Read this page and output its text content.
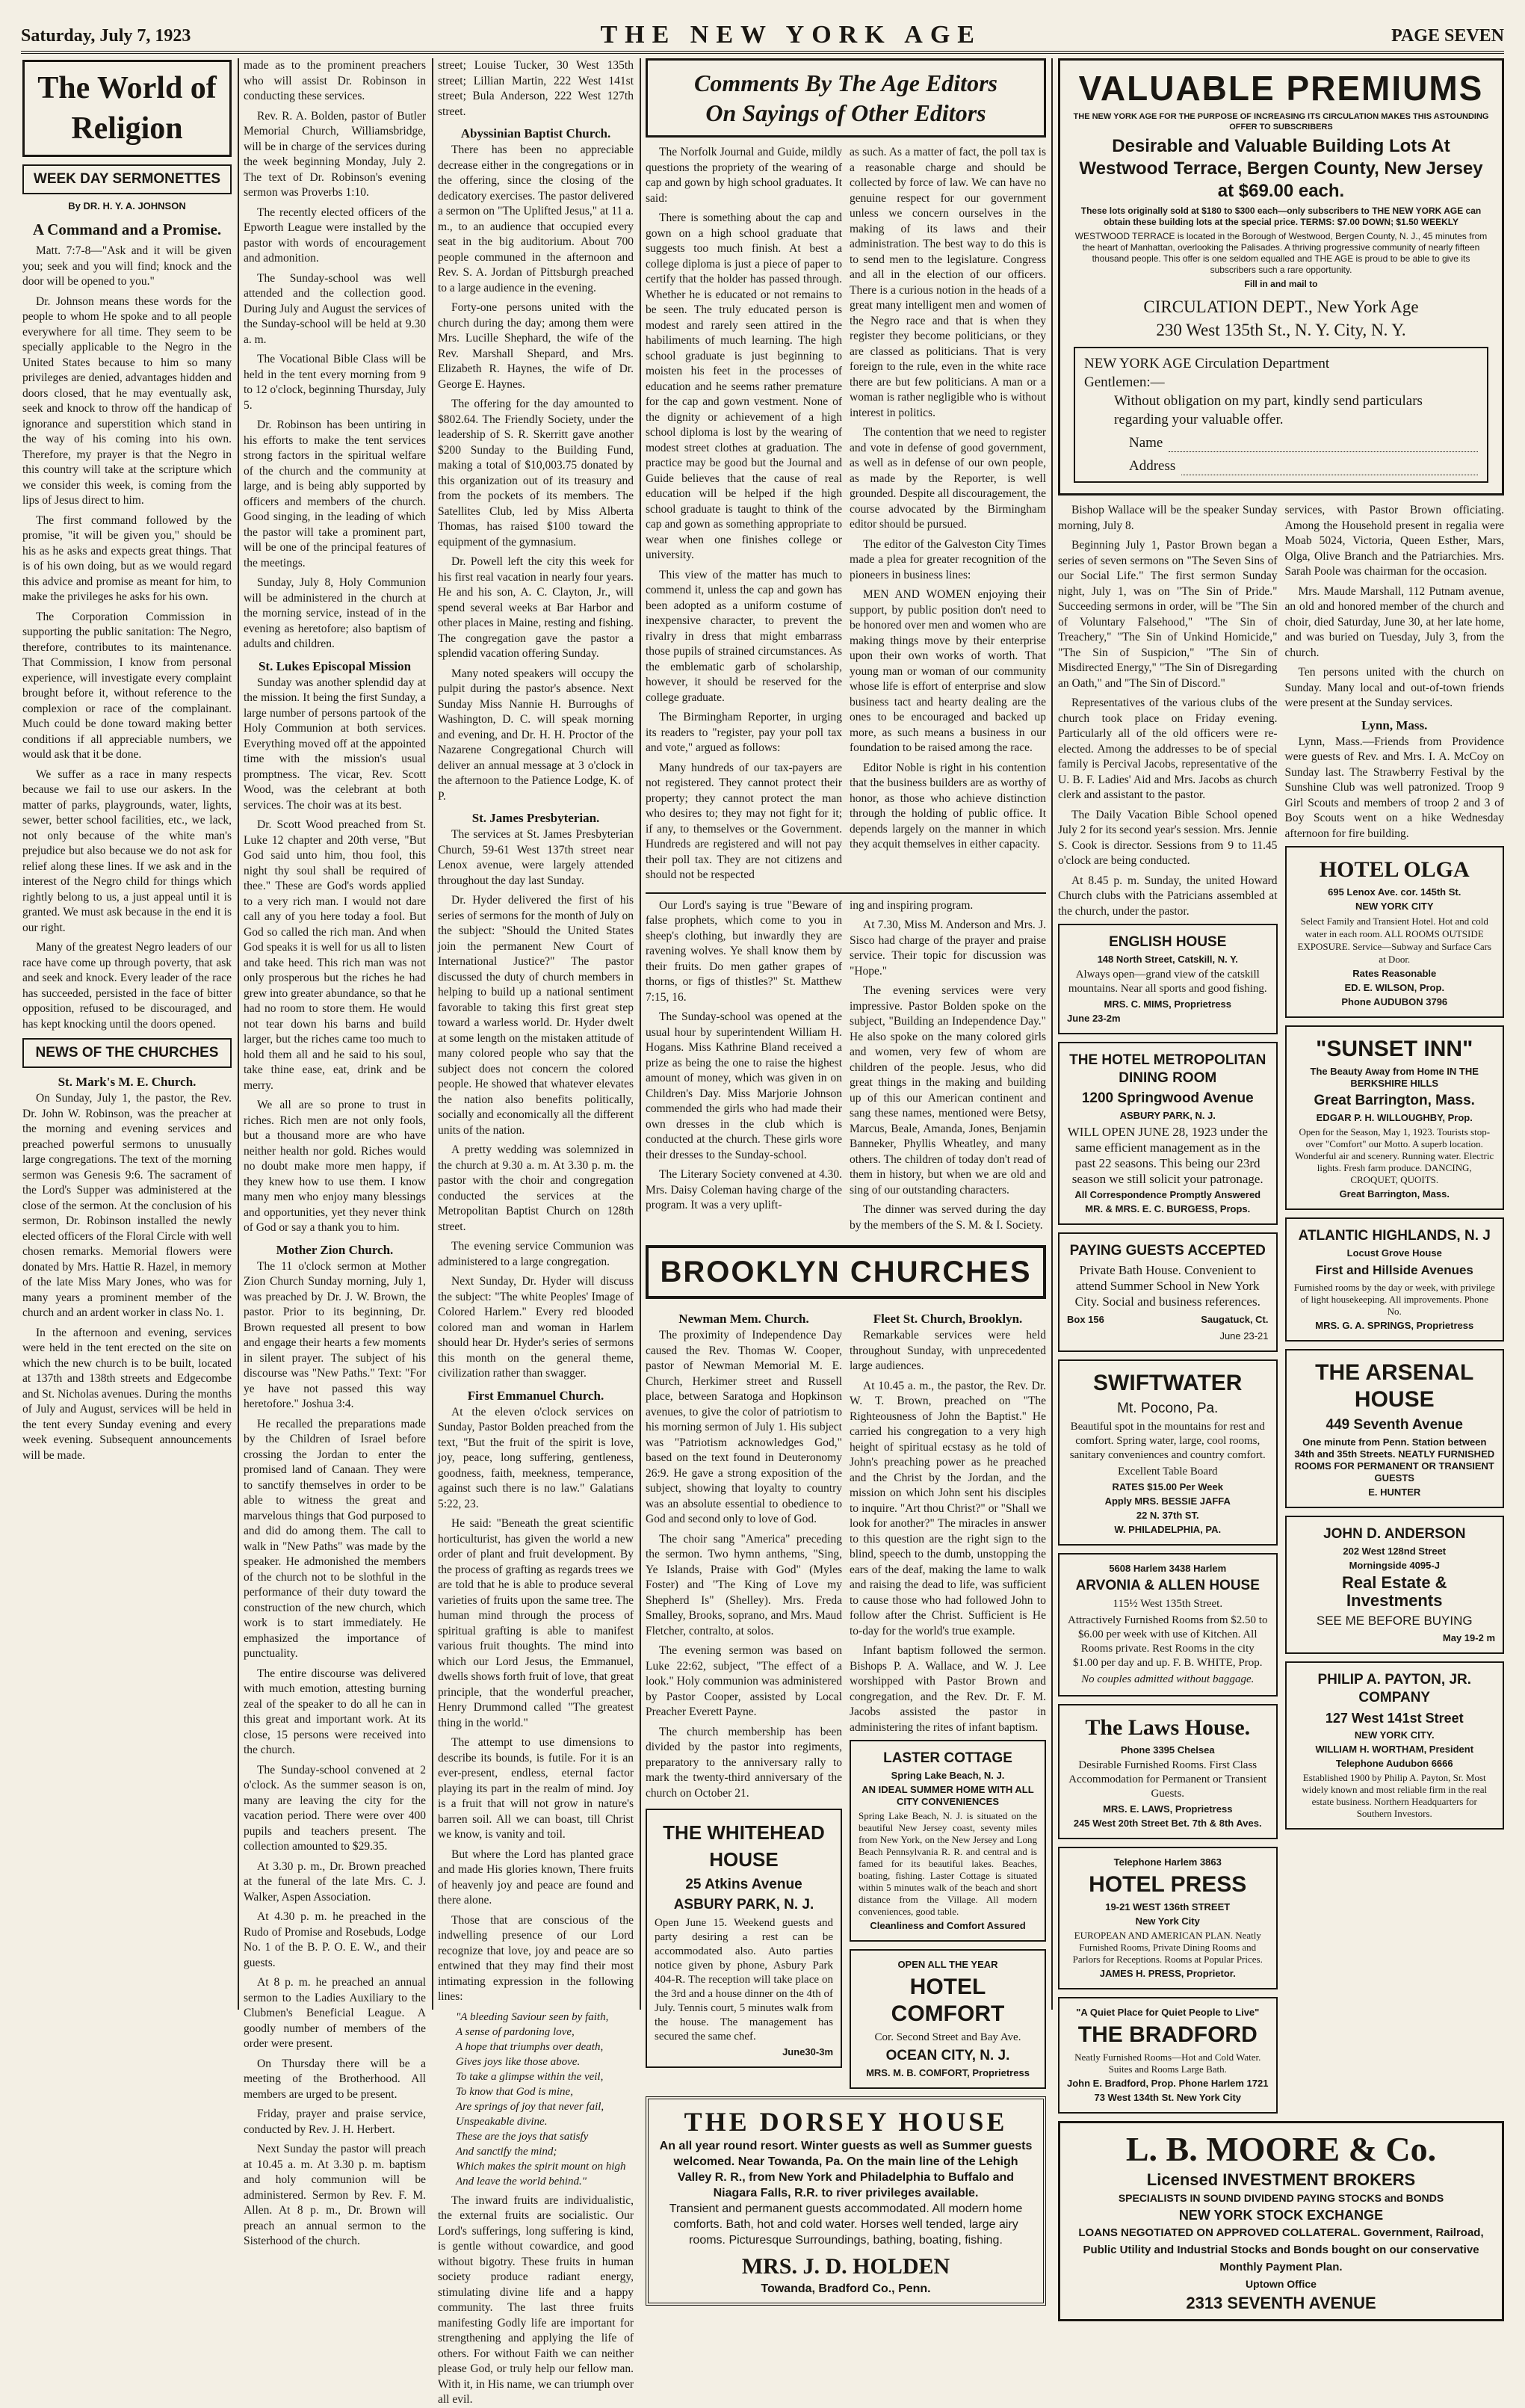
Saturday, July 7, 1923	THE NEW YORK AGE	PAGE SEVEN
The World of Religion
WEEK DAY SERMONETTES
By DR. H. Y. A. JOHNSON
A Command and a Promise.

Matt. 7:7-8—"Ask and it will be given you; seek and you will find; knock and the door will be opened to you."

Dr. Johnson means these words for the people to whom He spoke and to all people everywhere for all time. They seem to be specially applicable to the Negro in the United States because to him so many privileges are denied, advantages hidden and doors closed, that he may eventually ask, seek and knock to throw off the handicap of ignorance and superstition which stand in the way of his coming into his own. Therefore, my prayer is that the Negro in this country will take at the scripture which we consider this week, is coming from the lips of Jesus direct to him.

The first command followed by the promise, "it will be given you," should be his as he asks and expects great things. That is of his own doing, but as we would regard this advice and promise as meant for him, to make the privileges he asks for his own.

The Corporation Commission in supporting the public sanitation: The Negro, therefore, contributes to its maintenance. That Commission, I know from personal experience, will investigate every complaint brought before it, without reference to the complexion or race of the complainant. Much could be done toward making better conditions if all appreciable numbers, we would ask that it be done.

We suffer as a race in many respects because we fail to use our askers. In the matter of parks, playgrounds, water, lights, sewer, better school facilities, etc., we lack, not only because of the white man's prejudice but also because we do not ask for relief along these lines. If we ask and in the interest of the Negro child for things which rightly belong to us, a just appeal until it is granted. We must ask because in the end it is our right.

Many of the greatest Negro leaders of our race have come up through poverty, that ask and seek and knock. Every leader of the race has succeeded, persisted in the face of bitter opposition, refused to be discouraged, and has kept knocking until the doors opened.

NEWS OF THE CHURCHES
St. Mark's M. E. Church.

On Sunday, July 1, the pastor, the Rev. Dr. John W. Robinson, was the preacher at the morning and evening services and preached powerful sermons to unusually large congregations. The text of the morning sermon was Genesis 9:6. The sacrament of the Lord's Supper was administered at the close of the sermon. At the conclusion of his sermon, Dr. Robinson installed the newly elected officers of the Floral Circle with well chosen remarks. Memorial flowers were donated by Mrs. Hattie R. Hazel, in memory of the late Miss Mary Jones, who was for many years a prominent member of the church and an ardent worker in class No. 1.

In the afternoon and evening, services were held in the tent erected on the site on which the new church is to be built, located at 137th and 138th streets and Edgecombe and St. Nicholas avenues. During the months of July and August, services will be held in the tent every Sunday evening and every week evening. Subsequent announcements will be made.

made as to the prominent preachers who will assist Dr. Robinson in conducting these services.

Rev. R. A. Bolden, pastor of Butler Memorial Church, Williamsbridge, will be in charge of the services during the week beginning Monday, July 2. The text of Dr. Robinson's evening sermon was Proverbs 1:10.

The recently elected officers of the Epworth League were installed by the pastor with words of encouragement and admonition.

The Sunday-school was well attended and the collection good. During July and August the services of the Sunday-school will be held at 9.30 a. m.

The Vocational Bible Class will be held in the tent every morning from 9 to 12 o'clock, beginning Thursday, July 5.

Dr. Robinson has been untiring in his efforts to make the tent services strong factors in the spiritual welfare of the church and the community at large, and is being ably supported by officers and members of the church. Good singing, in the leading of which the pastor will take a prominent part, will be one of the principal features of the meetings.

Sunday, July 8, Holy Communion will be administered in the church at the morning service, instead of in the evening as heretofore; also baptism of adults and children.

St. Lukes Episcopal Mission

Sunday was another splendid day at the mission. It being the first Sunday, a large number of persons partook of the Holy Communion at both services. Everything moved off at the appointed time with the mission's usual promptness. The vicar, Rev. Scott Wood, was the celebrant at both services. The choir was at its best.

Dr. Scott Wood preached from St. Luke 12 chapter and 20th verse, "But God said unto him, thou fool, this night thy soul shall be required of thee." These are God's words applied to a very rich man. I would not dare call any of you here today a fool. But God so called the rich man. And when God speaks it is well for us all to listen and take heed. This rich man was not only prosperous but the riches he had grew into greater abundance, so that he had no room to store them. He would not tear down his barns and build larger, but the riches came too much to hold them all and he said to his soul, take thine ease, eat, drink and be merry.

We all are so prone to trust in riches. Rich men are not only fools, but a thousand more are who have neither health nor gold. Riches would no doubt make more men happy, if they knew how to use them. I know many men who enjoy many blessings and opportunities, yet they never think of God or say a thank you to him.

Mother Zion Church.

The 11 o'clock sermon at Mother Zion Church Sunday morning, July 1, was preached by Dr. J. W. Brown, the pastor. Prior to its beginning, Dr. Brown requested all present to bow and engage their hearts a few moments in silent prayer. The subject of his discourse was "New Paths." Text: "For ye have not passed this way heretofore." Joshua 3:4.

He recalled the preparations made by the Children of Israel before crossing the Jordan to enter the promised land of Canaan. They were to sanctify themselves in order to be able to witness the great and marvelous things that God purposed to and did do among them. The call to walk in "New Paths" was made by the speaker. He admonished the members of the church not to be slothful in the performance of their duty toward the construction of the new church, which work is to start immediately. He emphasized the importance of punctuality.

The entire discourse was delivered with much emotion, attesting burning zeal of the speaker to do all he can in this great and important work. At its close, 15 persons were received into the church.

The Sunday-school convened at 2 o'clock. As the summer season is on, many are leaving the city for the vacation period. There were over 400 pupils and teachers present. The collection amounted to $29.35.

At 3.30 p. m., Dr. Brown preached at the funeral of the late Mrs. C. J. Walker, Aspen Association.

At 4.30 p. m. he preached in the Rudo of Promise and Rosebuds, Lodge No. 1 of the B. P. O. E. W., and their guests.

At 8 p. m. he preached an annual sermon to the Ladies Auxiliary to the Clubmen's Beneficial League. A goodly number of members of the order were present.

On Thursday there will be a meeting of the Brotherhood. All members are urged to be present.

Friday, prayer and praise service, conducted by Rev. J. H. Herbert.

Next Sunday the pastor will preach at 10.45 a. m. At 3.30 p. m. baptism and holy communion will be administered. Sermon by Rev. F. M. Allen. At 8 p. m., Dr. Brown will preach an annual sermon to the Sisterhood of the church.

street; Louise Tucker, 30 West 135th street; Lillian Martin, 222 West 141st street; Bula Anderson, 222 West 127th street.

Abyssinian Baptist Church.

There has been no appreciable decrease either in the congregations or in the offering, since the closing of the dedicatory exercises. The pastor delivered a sermon on "The Uplifted Jesus," at 11 a. m., to an audience that occupied every seat in the big auditorium. About 700 people communed in the afternoon and Rev. S. A. Jordan of Pittsburgh preached to a large audience in the evening.

Forty-one persons united with the church during the day; among them were Mrs. Lucille Shephard, the wife of the Rev. Marshall Shepard, and Mrs. Elizabeth R. Haynes, the wife of Dr. George E. Haynes.

The offering for the day amounted to $802.64. The Friendly Society, under the leadership of S. R. Skerritt gave another $200 Sunday to the Building Fund, making a total of $10,003.75 donated by this organization out of its treasury and from the pockets of its members. The Satellites Club, led by Miss Alberta Thomas, has raised $100 toward the equipment of the gymnasium.

Dr. Powell left the city this week for his first real vacation in nearly four years. He and his son, A. C. Clayton, Jr., will spend several weeks at Bar Harbor and other places in Maine, resting and fishing. The congregation gave the pastor a splendid vacation offering Sunday.

Many noted speakers will occupy the pulpit during the pastor's absence. Next Sunday Miss Nannie H. Burroughs of Washington, D. C. will speak morning and evening, and Dr. H. H. Proctor of the Nazarene Congregational Church will deliver an annual message at 3 o'clock in the afternoon to the Patience Lodge, K. of P.

St. James Presbyterian.

The services at St. James Presbyterian Church, 59-61 West 137th street near Lenox avenue, were largely attended throughout the day last Sunday.

Dr. Hyder delivered the first of his series of sermons for the month of July on the subject: "Should the United States join the permanent New Court of International Justice?" The pastor discussed the duty of church members in helping to build up a national sentiment favorable to taking this first great step toward a warless world. Dr. Hyder dwelt at some length on the mistaken attitude of many colored people who say that the subject does not concern the colored people. He showed that whatever elevates the nation also benefits politically, socially and economically all the different units of the nation.

A pretty wedding was solemnized in the church at 9.30 a. m. At 3.30 p. m. the pastor with the choir and congregation conducted the services at the Metropolitan Baptist Church on 128th street.

The evening service Communion was administered to a large congregation.

Next Sunday, Dr. Hyder will discuss the subject: "The white Peoples' Image of Colored Harlem." Every red blooded colored man and woman in Harlem should hear Dr. Hyder's series of sermons this month on the general theme, civilization rather than swagger.

First Emmanuel Church.

At the eleven o'clock services on Sunday, Pastor Bolden preached from the text, "But the fruit of the spirit is love, joy, peace, long suffering, gentleness, goodness, faith, meekness, temperance, against such there is no law." Galatians 5:22, 23.

He said: "Beneath the great scientific horticulturist, has given the world a new order of plant and fruit development. By the process of grafting as regards trees we are told that he is able to produce several varieties of fruits upon the same tree. The human mind through the process of spiritual grafting is able to manifest various fruit thoughts. The mind into which our Lord Jesus, the Emmanuel, dwells shows forth fruit of love, that great principle, that the wonderful preacher, Henry Drummond called "The greatest thing in the world."

The attempt to use dimensions to describe its bounds, is futile. For it is an ever-present, endless, eternal factor playing its part in the realm of mind. Joy is a fruit that will not grow in nature's barren soil. All we can boast, till Christ we know, is vanity and toil.

But where the Lord has planted grace and made His glories known, There fruits of heavenly joy and peace are found and there alone.

Those that are conscious of the indwelling presence of our Lord recognize that love, joy and peace are so entwined that they may find their most intimating expression in the following lines:

"A bleeding Saviour seen by faith,
A sense of pardoning love,
A hope that triumphs over death,
Gives joys like those above.
To take a glimpse within the veil,
To know that God is mine,
Are springs of joy that never fail,
Unspeakable divine.
These are the joys that satisfy
And sanctify the mind;
Which makes the spirit mount on high
And leave the world behind."

The inward fruits are individualistic, the external fruits are socialistic. Our Lord's sufferings, long suffering is kind, is gentle without cowardice, and good without bigotry. These fruits in human society produce radiant energy, stimulating divine life and a happy community. The last three fruits manifesting Godly life are important for strengthening and applying the life of others. For without Faith we can neither please God, or truly help our fellow man. With it, in His name, we can triumph over all evil.

Comments By The Age Editors
On Sayings of Other Editors

The Norfolk Journal and Guide, mildly questions the propriety of the wearing of cap and gown by high school graduates. It said:

There is something about the cap and gown on a high school graduate that suggests too much finish. At best a college diploma is just a piece of paper to certify that the holder has passed through. Whether he is educated or not remains to be seen. The truly educated person is modest and rarely seen attired in the habiliments of much learning. The high school graduate is just beginning to moisten his feet in the processes of education and he seems rather premature for the cap and gown vestment. None of the dignity or achievement of a high school diploma is lost by the wearing of modest street clothes at graduation. The practice may be good but the Journal and Guide believes that the cause of real education will be helped if the high school graduate is taught to think of the cap and gown as something appropriate to wear when one finishes college or university.

This view of the matter has much to commend it, unless the cap and gown has been adopted as a uniform costume of inexpensive character, to prevent the rivalry in dress that might embarrass those pupils of strained circumstances. As the emblematic garb of scholarship, however, it should be reserved for the college graduate.

The Birmingham Reporter, in urging its readers to "register, pay your poll tax and vote," argued as follows:

Many hundreds of our tax-payers are not registered. They cannot protect their property; they cannot protect the man who desires to; they may not fight for it; if any, to themselves or the Government. Hundreds are registered and will not pay their poll tax. They are not citizens and should not be respected

as such. As a matter of fact, the poll tax is a reasonable charge and should be collected by force of law. We can have no genuine respect for our government unless we concern ourselves in the making of its laws and their administration. The best way to do this is to send men to the legislature. Congress and all in the election of our officers. There is a curious notion in the heads of a great many intelligent men and women of the Negro race and that is when they register they become politicians, or they are classed as politicians. That is very foreign to the rule, even in the white race there are but few politicians. A man or a woman is rather negligible who is without interest in politics.

The contention that we need to register and vote in defense of good government, as well as in defense of our own people, as made by the Reporter, is well grounded. Despite all discouragement, the course advocated by the Birmingham editor should be pursued.

The editor of the Galveston City Times made a plea for greater recognition of the pioneers in business lines:

MEN AND WOMEN enjoying their support, by public position don't need to be honored over men and women who are making things move by their enterprise upon their own works of worth. That young man or woman of our community whose life is effort of enterprise and slow business tact and hearty dealing are the ones to be encouraged and backed up more, as such means a business in our foundation to be raised among the race.

Editor Noble is right in his contention that the business builders are as worthy of honor, as those who achieve distinction through the holding of public office. It depends largely on the manner in which they acquit themselves in either capacity.

Our Lord's saying is true "Beware of false prophets, which come to you in sheep's clothing, but inwardly they are ravening wolves. Ye shall know them by their fruits. Do men gather grapes of thorns, or figs of thistles?" St. Matthew 7:15, 16.

The Sunday-school was opened at the usual hour by superintendent William H. Hogans. Miss Kathrine Bland received a prize as being the one to raise the highest amount of money, which was given in on Children's Day. Miss Marjorie Johnson commended the girls who had made their own dresses in the club which is conducted at the church. These girls wore their dresses to the Sunday-school.

The Literary Society convened at 4.30. Mrs. Daisy Coleman having charge of the program. It was a very uplift-

ing and inspiring program.

At 7.30, Miss M. Anderson and Mrs. J. Sisco had charge of the prayer and praise service. Their topic for discussion was "Hope."

The evening services were very impressive. Pastor Bolden spoke on the subject, "Building an Independence Day." He also spoke on the many colored girls and women, very few of whom are children of the people. Jesus, who did great things in the making and building up of this our American continent and sang these names, mentioned were Betsy, Marcus, Beale, Amanda, Jones, Benjamin Banneker, Phyllis Wheatley, and many others. The children of today don't read of them in history, but when we are old and sing of our outstanding characters.

The dinner was served during the day by the members of the S. M. & I. Society.

BROOKLYN CHURCHES
Newman Mem. Church.

The proximity of Independence Day caused the Rev. Thomas W. Cooper, pastor of Newman Memorial M. E. Church, Herkimer street and Russell place, between Saratoga and Hopkinson avenues, to give the color of patriotism to his morning sermon of July 1. His subject was "Patriotism acknowledges God," based on the text found in Deuteronomy 26:9. He gave a strong exposition of the subject, showing that loyalty to country was an absolute essential to obedience to God and second only to love of God.

The choir sang "America" preceding the sermon. Two hymn anthems, "Sing, Ye Islands, Praise with God" (Myles Foster) and "The King of Love my Shepherd Is" (Shelley). Mrs. Freda Smalley, Brooks, soprano, and Mrs. Maud Fletcher, contralto, at solos.

The evening sermon was based on Luke 22:62, subject, "The effect of a look." Holy communion was administered by Pastor Cooper, assisted by Local Preacher Everett Payne.

The church membership has been divided by the pastor into regiments, preparatory to the anniversary rally to mark the twenty-third anniversary of the church on October 21.

THE WHITEHEAD HOUSE
25 Atkins Avenue
ASBURY PARK, N. J.
Open June 15. Weekend guests and party desiring a rest can be accommodated also. Auto parties notice given by phone, Asbury Park 404-R. The reception will take place on the 3rd and a house dinner on the 4th of July. Tennis court, 5 minutes walk from the house. The management has secured the same chef.
June30-3m
Fleet St. Church, Brooklyn.

Remarkable services were held throughout Sunday, with unprecedented large audiences.

At 10.45 a. m., the pastor, the Rev. Dr. W. T. Brown, preached on "The Righteousness of John the Baptist." He carried his congregation to a very high height of spiritual ecstasy as he told of John's preaching power as he preached and the Christ by the Jordan, and the mission on which John sent his disciples to inquire. "Art thou Christ?" or "Shall we look for another?" The miracles in answer to this question are the right sign to the blind, speech to the dumb, unstopping the ears of the deaf, making the lame to walk and raising the dead to life, was sufficient to cause those who had followed John to follow after the Christ. Sufficient is He to-day for the world's true example.

Infant baptism followed the sermon. Bishops P. A. Wallace, and W. J. Lee worshipped with Pastor Brown and congregation, and the Rev. Dr. F. M. Jacobs assisted the pastor in administering the rites of infant baptism.

LASTER COTTAGE
Spring Lake Beach, N. J.
AN IDEAL SUMMER HOME WITH ALL CITY CONVENIENCES
Spring Lake Beach, N. J. is situated on the beautiful New Jersey coast, seventy miles from New York, on the New Jersey and Long Beach Pennsylvania R. R. and central and is famed for its beautiful lakes. Beaches, boating, fishing. Laster Cottage is situated within 5 minutes walk of the beach and short distance from the Village. All modern conveniences, good table.
Cleanliness and Comfort Assured
OPEN ALL THE YEAR
HOTEL COMFORT
Cor. Second Street and Bay Ave.
OCEAN CITY, N. J.
MRS. M. B. COMFORT, Proprietress
THE DORSEY HOUSE
An all year round resort. Winter guests as well as Summer guests welcomed. Near Towanda, Pa. On the main line of the Lehigh Valley R. R., from New York and Philadelphia to Buffalo and Niagara Falls, R.R. to river privileges available.
Transient and permanent guests accommodated. All modern home comforts. Bath, hot and cold water. Horses well tended, large airy rooms. Picturesque Surroundings, bathing, boating, fishing.
MRS. J. D. HOLDEN
Towanda, Bradford Co., Penn.
VALUABLE PREMIUMS
THE NEW YORK AGE FOR THE PURPOSE OF INCREASING ITS CIRCULATION MAKES THIS ASTOUNDING OFFER TO SUBSCRIBERS
Desirable and Valuable Building Lots At Westwood Terrace, Bergen County, New Jersey at $69.00 each.
These lots originally sold at $180 to $300 each—only subscribers to THE NEW YORK AGE can obtain these building lots at the special price. TERMS: $7.00 DOWN; $1.50 WEEKLY
WESTWOOD TERRACE is located in the Borough of Westwood, Bergen County, N. J., 45 minutes from the heart of Manhattan, overlooking the Palisades. A thriving progressive community of nearly fifteen thousand people. This offer is one seldom equalled and THE AGE is proud to be able to give its subscribers such a rare opportunity.
Fill in and mail to
CIRCULATION DEPT., New York Age
230 West 135th St., N. Y. City, N. Y.
NEW YORK AGE Circulation Department
Gentlemen:—
Without obligation on my part, kindly send particulars regarding your valuable offer.
Name
Address

Bishop Wallace will be the speaker Sunday morning, July 8.

Beginning July 1, Pastor Brown began a series of seven sermons on "The Seven Sins of our Social Life." The first sermon Sunday night, July 1, was on "The Sin of Pride." Succeeding sermons in order, will be "The Sin of Voluntary Falsehood," "The Sin of Treachery," "The Sin of Unkind Homicide," "The Sin of Suspicion," "The Sin of Misdirected Energy," "The Sin of Disregarding an Oath," and "The Sin of Discord."

Representatives of the various clubs of the church took place on Friday evening. Particularly all of the old officers were re-elected. Among the addresses to be of special family is Percival Jacobs, representative of the U. B. F. Ladies' Aid and Mrs. Jacobs as church clerk and assistant to the pastor.

The Daily Vacation Bible School opened July 2 for its second year's session. Mrs. Jennie S. Cook is director. Sessions from 9 to 11.45 o'clock are being conducted.

At 8.45 p. m. Sunday, the united Howard Church clubs with the Patricians assembled at the church, under the pastor.

ENGLISH HOUSE
148 North Street, Catskill, N. Y.
Always open—grand view of the catskill mountains. Near all sports and good fishing.
MRS. C. MIMS, Proprietress
June 23-2m
THE HOTEL METROPOLITAN DINING ROOM
1200 Springwood Avenue
ASBURY PARK, N. J.
WILL OPEN JUNE 28, 1923 under the same efficient management as in the past 22 seasons. This being our 23rd season we still solicit your patronage.
All Correspondence Promptly Answered
MR. & MRS. E. C. BURGESS, Props.
PAYING GUESTS ACCEPTED
Private Bath House. Convenient to attend Summer School in New York City. Social and business references.
Box 156	Saugatuck, Ct.
June 23-21
SWIFTWATER
Mt. Pocono, Pa.
Beautiful spot in the mountains for rest and comfort. Spring water, large, cool rooms, sanitary conveniences and country comfort.
Excellent Table Board
RATES $15.00 Per Week
Apply MRS. BESSIE JAFFA
22 N. 37th ST.
W. PHILADELPHIA, PA.
5608 Harlem 3438 Harlem
ARVONIA & ALLEN HOUSE
115½ West 135th Street.
Attractively Furnished Rooms from $2.50 to $6.00 per week with use of Kitchen. All Rooms private. Rest Rooms in the city $1.00 per day and up. F. B. WHITE, Prop.
No couples admitted without baggage.
The Laws House.
Phone 3395 Chelsea
Desirable Furnished Rooms. First Class Accommodation for Permanent or Transient Guests.
MRS. E. LAWS, Proprietress
245 West 20th Street Bet. 7th & 8th Aves.
Telephone Harlem 3863
HOTEL PRESS
19-21 WEST 136th STREET
New York City
EUROPEAN AND AMERICAN PLAN. Neatly Furnished Rooms, Private Dining Rooms and Parlors for Receptions. Rooms at Popular Prices.
JAMES H. PRESS, Proprietor.
"A Quiet Place for Quiet People to Live"
THE BRADFORD
Neatly Furnished Rooms—Hot and Cold Water. Suites and Rooms Large Bath.
John E. Bradford, Prop. Phone Harlem 1721
73 West 134th St. New York City

services, with Pastor Brown officiating. Among the Household present in regalia were Moab 5024, Victoria, Queen Esther, Mars, Olga, Olive Branch and the Patriarchies. Mrs. Sarah Poole was chairman for the occasion.

Mrs. Maude Marshall, 112 Putnam avenue, an old and honored member of the church and choir, died Saturday, June 30, at her late home, and was buried on Tuesday, July 3, from the church.

Ten persons united with the church on Sunday. Many local and out-of-town friends were present at the Sunday services.

Lynn, Mass.

Lynn, Mass.—Friends from Providence were guests of Rev. and Mrs. I. A. McCoy on Sunday last. The Strawberry Festival by the Sunshine Club was well patronized. Troop 9 Girl Scouts and members of troop 2 and 3 of Boy Scouts went on a hike Wednesday afternoon for fire building.

HOTEL OLGA
695 Lenox Ave. cor. 145th St.
NEW YORK CITY
Select Family and Transient Hotel. Hot and cold water in each room. ALL ROOMS OUTSIDE EXPOSURE. Service—Subway and Surface Cars at Door.
Rates Reasonable
ED. E. WILSON, Prop.
Phone AUDUBON 3796
"SUNSET INN"
The Beauty Away from Home IN THE BERKSHIRE HILLS
Great Barrington, Mass.
EDGAR P. H. WILLOUGHBY, Prop.
Open for the Season, May 1, 1923. Tourists stop-over "Comfort" our Motto. A superb location. Wonderful air and scenery. Running water. Electric lights. Fresh farm produce. DANCING, CROQUET, QUOITS.
Great Barrington, Mass.
ATLANTIC HIGHLANDS, N. J
Locust Grove House
First and Hillside Avenues
Furnished rooms by the day or week, with privilege of light housekeeping. All improvements. Phone No.
MRS. G. A. SPRINGS, Proprietress
THE ARSENAL HOUSE
449 Seventh Avenue
One minute from Penn. Station between 34th and 35th Streets. NEATLY FURNISHED ROOMS FOR PERMANENT OR TRANSIENT GUESTS
E. HUNTER
JOHN D. ANDERSON
202 West 128nd Street
Morningside 4095-J
Real Estate & Investments
SEE ME BEFORE BUYING
May 19-2 m
PHILIP A. PAYTON, JR. COMPANY
127 West 141st Street
NEW YORK CITY.
WILLIAM H. WORTHAM, President
Telephone Audubon 6666
Established 1900 by Philip A. Payton, Sr. Most widely known and most reliable firm in the real estate business. Northern Headquarters for Southern Investors.
L. B. MOORE & Co.
Licensed INVESTMENT BROKERS
SPECIALISTS IN SOUND DIVIDEND PAYING STOCKS and BONDS
NEW YORK STOCK EXCHANGE
LOANS NEGOTIATED ON APPROVED COLLATERAL. Government, Railroad, Public Utility and Industrial Stocks and Bonds bought on our conservative Monthly Payment Plan.
Uptown Office
2313 SEVENTH AVENUE
